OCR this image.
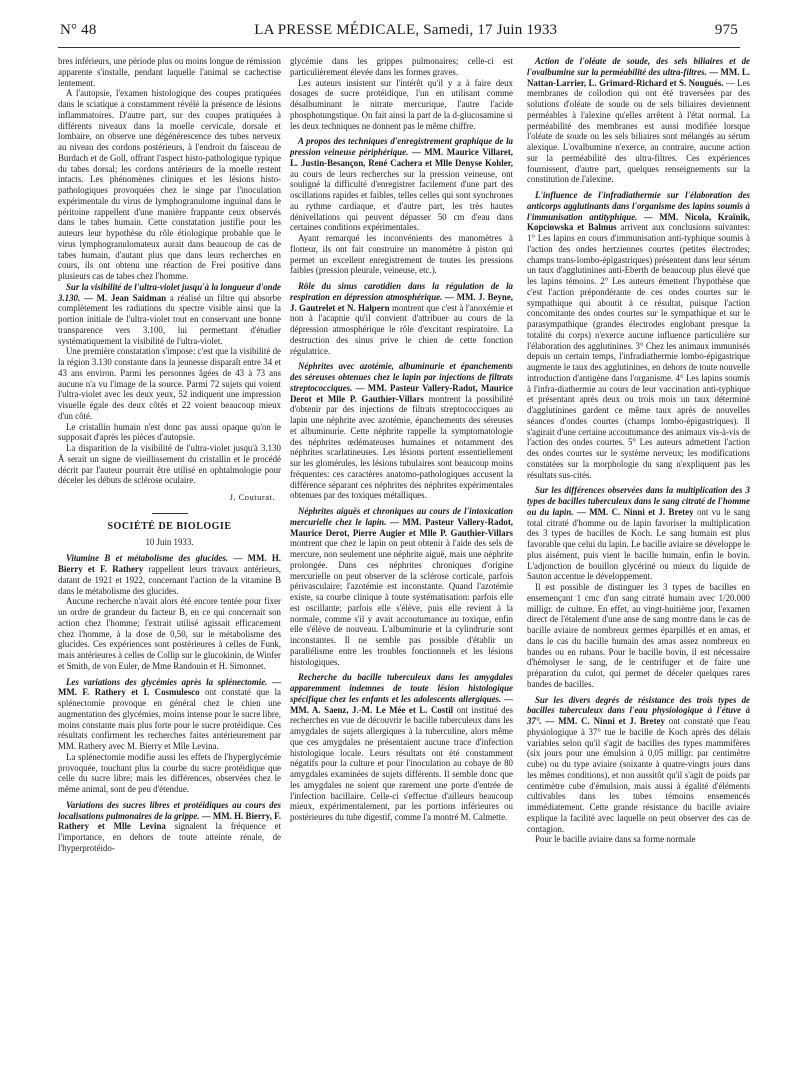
N° 48	LA PRESSE MÉDICALE, Samedi, 17 Juin 1933	975

bres inférieurs, une période plus ou moins longue de rémission apparente s'installe, pendant laquelle l'animal se cachectise lentement.

A l'autopsie, l'examen histologique des coupes pratiquées dans le sciatique a constamment révélé la présence de lésions inflammatoires. D'autre part, sur des coupes pratiquées à différents niveaux dans la moelle cervicale, dorsale et lombaire, on observe une dégénérescence des tubes nerveux au niveau des cordons postérieurs, à l'endroit du faisceau de Burdach et de Goll, offrant l'aspect histo-pathologique typique du tabes dorsal; les cordons antérieurs de la moelle restent intacts. Les phénomènes cliniques et les lésions histo-pathologiques provoquées chez le singe par l'inoculation expérimentale du virus de lymphogranulome inguinal dans le péritoine rappellent d'une manière frappante ceux observés dans le tabes humain. Cette constatation justifie pour les auteurs leur hypothèse du rôle étiologique probable que le virus lymphogranulomateux aurait dans beaucoup de cas de tabes humain, d'autant plus que dans leurs recherches en cours, ils ont obtenu une réaction de Frei positive dans plusieurs cas de tabes chez l'homme.

Sur la visibilité de l'ultra-violet jusqu'à la longueur d'onde 3.130. — M. Jean Saidman a réalisé un filtre qui absorbe complètement les radiations du spectre visible ainsi que la portion initiale de l'ultra-violet tout en conservant une bonne transparence vers 3.100, lui permettant d'étudier systématiquement la visibilité de l'ultra-violet.

Une première constatation s'impose: c'est que la visibilité de la région 3.130 constante dans la jeunesse disparaît entre 34 et 43 ans environ. Parmi les personnes âgées de 43 à 73 ans aucune n'a vu l'image de la source. Parmi 72 sujets qui voient l'ultra-violet avec les deux yeux, 52 indiquent une impression visuelle égale des deux côtés et 22 voient beaucoup mieux d'un côté.

Le cristallin humain n'est donc pas aussi opaque qu'on le supposait d'après les pièces d'autopsie.

La disparition de la visibilité de l'ultra-violet jusqu'à 3.130 Å serait un signe de vieillissement du cristallin et le procédé décrit par l'auteur pourrait être utilisé en ophtalmologie pour déceler les débuts de sclérose oculaire.

J. Couturat.
SOCIÉTÉ DE BIOLOGIE
10 Juin 1933.

Vitamine B et métabolisme des glucides. — MM. H. Bierry et F. Rathery rappellent leurs travaux antérieurs, datant de 1921 et 1922, concernant l'action de la vitamine B dans le métabolisme des glucides.

Aucune recherche n'avait alors été encore tentée pour fixer un ordre de grandeur du facteur B, en ce qui concernait son action chez l'homme; l'extrait utilisé agissait efficacement chez l'homme, à la dose de 0,50, sur le métabolisme des glucides. Ces expériences sont postérieures à celles de Funk, mais antérieures à celles de Collip sur le glucokinin, de Winfer et Smith, de von Euler, de Mme Randouin et H. Simonnet.

Les variations des glycémies après la splénectomie. — MM. F. Rathery et I. Cosmulesco ont constaté que la splénectomie provoque en général chez le chien une augmentation des glycémies, moins intense pour le sucre libre, moins constante mais plus forte pour le sucre protéidique. Ces résultats confirment les recherches faites antérieurement par MM. Rathery avec M. Bierry et Mlle Levina.

La splénectomie modifie aussi les effets de l'hyperglycémie provoquée, touchant plus la courbe du sucre protéidique que celle du sucre libre; mais les différences, observées chez le même animal, sont de peu d'étendue.

Variations des sucres libres et protéidiques au cours des localisations pulmonaires de la grippe. — MM. H. Bierry, F. Rathery et Mlle Levina signalent la fréquence et l'importance, en dehors de toute atteinte rénale, de l'hyperprotéido-

glycémie dans les grippes pulmonaires; celle-ci est particulièrement élevée dans les formes graves.

Les auteurs insistent sur l'intérêt qu'il y a à faire deux dosages de sucre protéidique, l'un en utilisant comme désalbuminant le nitrate mercurique, l'autre l'acide phosphotungstique. On fait ainsi la part de la d-glucosamine si les deux techniques ne donnent pas le même chiffre.

A propos des techniques d'enregistrement graphique de la pression veineuse périphérique. — MM. Maurice Villaret, L. Justin-Besançon, René Cachera et Mlle Denyse Kohler, au cours de leurs recherches sur la pression veineuse, ont souligné la difficulté d'enregistrer facilement d'une part des oscillations rapides et faibles, telles celles qui sont synchrones au rythme cardiaque, et d'autre part, les très hautes dénivellations qui peuvent dépasser 50 cm d'eau dans certaines conditions expérimentales.

Ayant remarqué les inconvénients des manomètres à flotteur, ils ont fait construire un manomètre à piston qui permet un excellent enregistrement de toutes les pressions faibles (pression pleurale, veineuse, etc.).

Rôle du sinus carotidien dans la régulation de la respiration en dépression atmosphérique. — MM. J. Beyne, J. Gautrelet et N. Halpern montrent que c'est à l'anoxémie et non à l'acapnie qu'il convient d'attribuer au cours de la dépression atmosphérique le rôle d'excitant respiratoire. La destruction des sinus prive le chien de cette fonction régulatrice.

Néphrites avec azotémie, albuminurie et épanchements des séreuses obtenues chez le lapin par injections de filtrats streptococciques. — MM. Pasteur Vallery-Radot, Maurice Derot et Mlle P. Gauthier-Villars montrent la possibilité d'obtenir par des injections de filtrats streptococciques au lapin une néphrite avec azotémie, épanchements des séreuses et albuminurie. Cette néphrite rappelle la symptomatologie des néphrites œdémateuses humaines et notamment des néphrites scarlatineuses. Les lésions portent essentiellement sur les glomérules, les lésions tubulaires sont beaucoup moins fréquentes: ces caractères anatomo-pathologiques accusent la différence séparant ces néphrites des néphrites expérimentales obtenues par des toxiques métalliques.

Néphrites aiguës et chroniques au cours de l'intoxication mercurielle chez le lapin. — MM. Pasteur Vallery-Radot, Maurice Derot, Pierre Augier et Mlle P. Gauthier-Villars montrent que chez le lapin on peut obtenir à l'aide des sels de mercure, non seulement une néphrite aiguë, mais une néphrite prolongée. Dans ces néphrites chroniques d'origine mercurielle on peut observer de la sclérose corticale, parfois périvasculaire; l'azotémie est inconstante. Quand l'azotémie existe, sa courbe clinique à toute systématisation: parfois elle est oscillante; parfois elle s'élève, puis elle revient à la normale, comme s'il y avait accoutumance au toxique, enfin elle s'élève de nouveau. L'albuminurie et la cylindrurie sont inconstantes. Il ne semble pas possible d'établir un parallélisme entre les troubles fonctionnels et les lésions histologiques.

Recherche du bacille tuberculeux dans les amygdales apparemment indemnes de toute lésion histologique spécifique chez les enfants et les adolescents allergiques. — MM. A. Saenz, J.-M. Le Mée et L. Costil ont institué des recherches en vue de découvrir le bacille tuberculeux dans les amygdales de sujets allergiques à la tuberculine, alors même que ces amygdales ne présentaient aucune trace d'infection histologique locale. Leurs résultats ont été constamment négatifs pour la culture et pour l'inoculation au cobaye de 80 amygdales examinées de sujets différents. Il semble donc que les amygdales ne soient que rarement une porte d'entrée de l'infection bacillaire. Celle-ci s'effectue d'ailleurs beaucoup mieux, expérimentalement, par les portions inférieures ou postérieures du tube digestif, comme l'a montré M. Calmette.

Action de l'oléate de soude, des sels biliaires et de l'ovalbumine sur la perméabilité des ultra-filtres. — MM. L. Nattan-Larrier, L. Grimard-Richard et S. Nougués. — Les membranes de collodion qui ont été traversées par des solutions d'oléate de soude ou de sels biliaires deviennent perméables à l'alexine qu'elles arrêtent à l'état normal. La perméabilité des membranes est aussi modifiée lorsque l'oléate de soude ou les sels biliaires sont mélangés au sérum alexique. L'ovalbumine n'exerce, au contraire, aucune action sur la perméabilité des ultra-filtres. Ces expériences fournissent, d'autre part, quelques renseignements sur la constitution de l'alexine.

L'influence de l'infradiathermie sur l'élaboration des anticorps agglutinants dans l'organisme des lapins soumis à l'immunisation antityphique. — MM. Nicola, Kraïnik, Kopciowska et Balmus arrivent aux conclusions suivantes: 1° Les lapins en cours d'immunisation anti-typhique soumis à l'action des ondes hertziennes courtes (petites électrodes; champs trans-lombo-épigastriques) présentent dans leur sérum un taux d'agglutinines anti-Eberth de beaucoup plus élevé que les lapins témoins. 2° Les auteurs émettent l'hypothèse que c'est l'action prépondérante de ces ondes courtes sur le sympathique qui aboutit à ce résultat, puisque l'action concomitante des ondes courtes sur le sympathique et sur le parasympathique (grandes électrodes englobant presque la totalité du corps) n'exerce aucune influence particulière sur l'élaboration des agglutinines. 3° Chez les animaux immunisés depuis un certain temps, l'infradiathermie lombo-épigastrique augmente le taux des agglutinines, en dehors de toute nouvelle introduction d'antigène dans l'organisme. 4° Les lapins soumis à l'infra-diathermie au cours de leur vaccination anti-typhique et présentant après deux ou trois mois un taux déterminé d'agglutinines gardent ce même taux après de nouvelles séances d'ondes courtes (champs lombo-épigastriques). Il s'agirait d'une certaine accoutumance des animaux vis-à-vis de l'action des ondes courtes. 5° Les auteurs admettent l'action des ondes courtes sur le système nerveux; les modifications constatées sur la morphologie du sang n'expliquent pas les résultats sus-cités.

Sur les différences observées dans la multiplication des 3 types de bacilles tuberculeux dans le sang citraté de l'homme ou du lapin. — MM. C. Ninni et J. Bretey ont vu le sang total citraté d'homme ou de lapin favoriser la multiplication des 3 types de bacilles de Koch. Le sang humain est plus favorable que celui du lapin. Le bacille aviaire se développe le plus aisément, puis vient le bacille humain, enfin le bovin. L'adjonction de bouillon glycériné ou mieux du liquide de Sauton accentue le développement.

Il est possible de distinguer les 3 types de bacilles en ensemençant 1 cmc d'un sang citraté humain avec 1/20.000 milligr. de culture. En effet, au vingt-huitième jour, l'examen direct de l'étalement d'une anse de sang montre dans le cas de bacille aviaire de nombreux germes éparpillés et en amas, et dans le cas du bacille humain des amas assez nombreux en bandes ou en rubans. Pour le bacille bovin, il est nécessaire d'hémolyser le sang, de le centrifuger et de faire une préparation du culot, qui permet de déceler quelques rares bandes de bacilles.

Sur les divers degrés de résistance des trois types de bacilles tuberculeux dans l'eau physiologique à l'étuve à 37°. — MM. C. Ninni et J. Bretey ont constaté que l'eau physiologique à 37° tue le bacille de Koch après des délais variables selon qu'il s'agit de bacilles des types mammifères (six jours pour une émulsion à 0,05 milligr. par centimètre cube) ou du type aviaire (soixante à quatre-vingts jours dans les mêmes conditions), et non aussitôt qu'il s'agit de poids par centimètre cube d'émulsion, mais aussi à égalité d'éléments cultivables dans les tubes témoins ensemencés immédiatement. Cette grande résistance du bacille aviaire explique la facilité avec laquelle on peut observer des cas de contagion.

Pour le bacille aviaire dans sa forme normale
